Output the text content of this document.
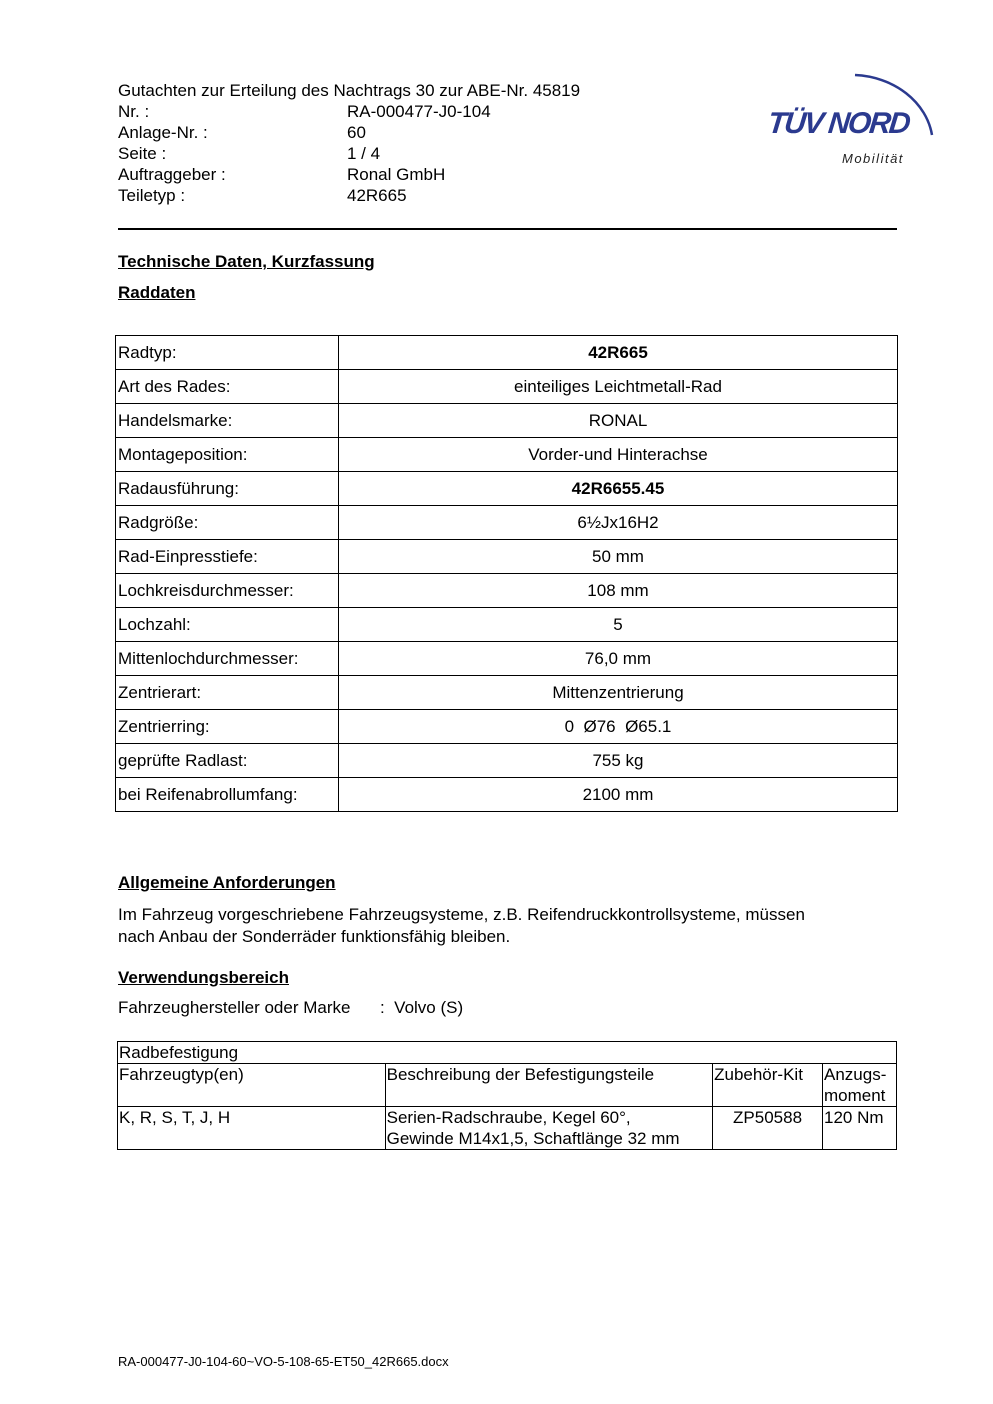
Gutachten zur Erteilung des Nachtrags 30 zur ABE-Nr. 45819
Nr. :	RA-000477-J0-104
Anlage-Nr. :	60
Seite :	1 / 4
Auftraggeber :	Ronal GmbH
Teiletyp :	42R665
TÜV NORD
Mobilität
Technische Daten, Kurzfassung
Raddaten
Radtyp:	42R665
Art des Rades:	einteiliges Leichtmetall-Rad
Handelsmarke:	RONAL
Montageposition:	Vorder-und Hinterachse
Radausführung:	42R6655.45
Radgröße:	6½Jx16H2
Rad-Einpresstiefe:	50 mm
Lochkreisdurchmesser:	108 mm
Lochzahl:	5
Mittenlochdurchmesser:	76,0 mm
Zentrierart:	Mittenzentrierung
Zentrierring:	0  Ø76  Ø65.1
geprüfte Radlast:	755 kg
bei Reifenabrollumfang:	2100 mm
Allgemeine Anforderungen
Im Fahrzeug vorgeschriebene Fahrzeugsysteme, z.B. Reifendruckkontrollsysteme, müssen
nach Anbau der Sonderräder funktionsfähig bleiben.
Verwendungsbereich
Fahrzeughersteller oder Marke :  Volvo (S)
Radbefestigung			
Fahrzeugtyp(en)	Beschreibung der Befestigungsteile	Zubehör-Kit	Anzugs-
moment

K, R, S, T, J, H	Serien-Radschraube, Kegel 60°,
Gewinde M14x1,5, Schaftlänge 32 mm	ZP50588	120 Nm
RA-000477-J0-104-60~VO-5-108-65-ET50_42R665.docx
